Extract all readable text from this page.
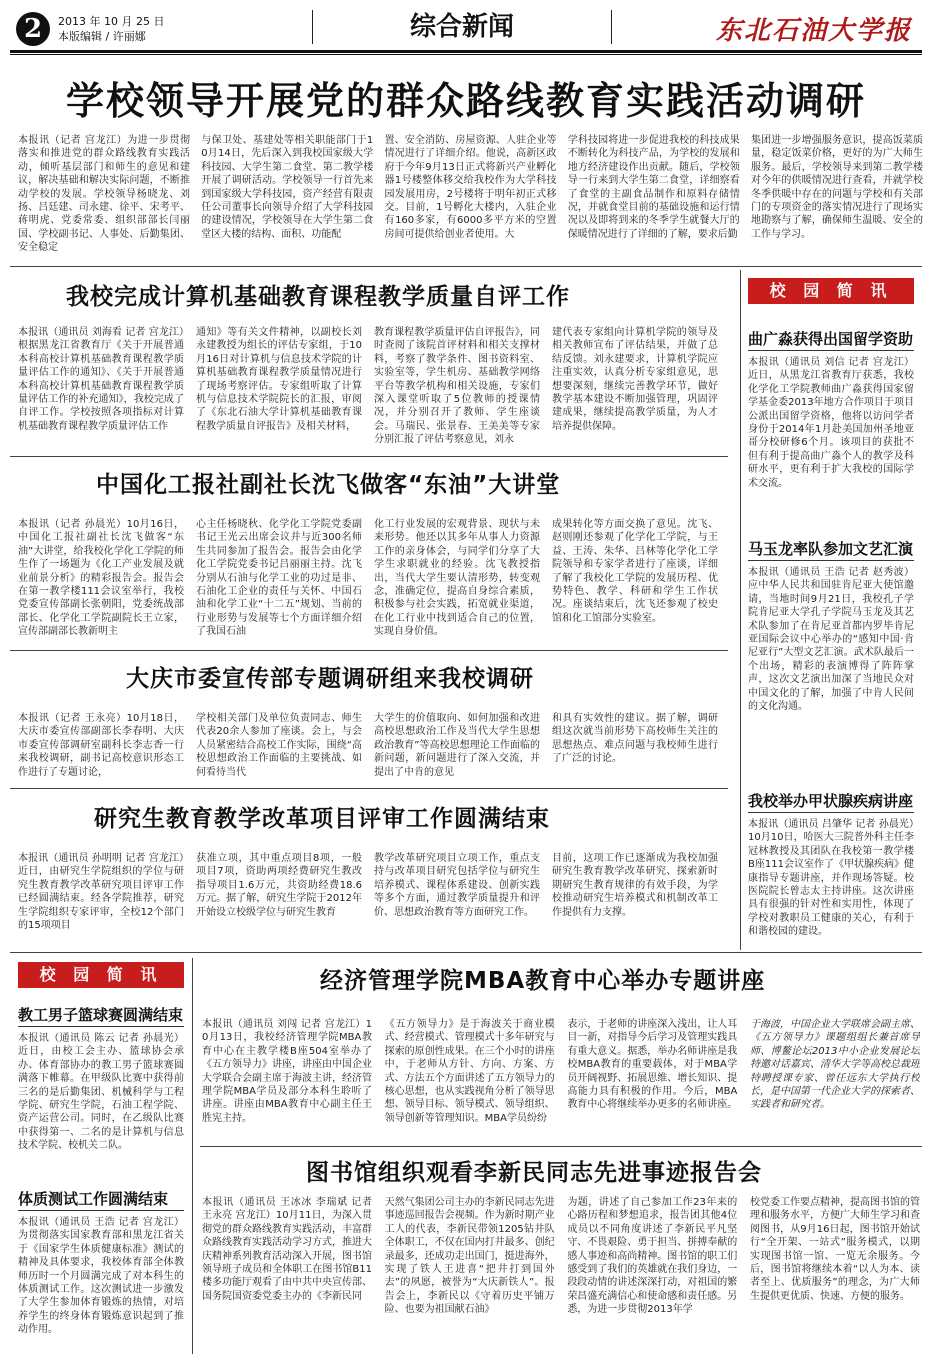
2	2013 年 10 月 25 日
本版编辑 / 许丽娜	综合新闻	东北石油大学报
学校领导开展党的群众路线教育实践活动调研
本报讯（记者 宫龙江）为进一步贯彻落实和推进党的群众路线教育实践活动，倾听基层部门和师生的意见和建议，解决基础和解决实际问题，不断推动学校的发展。学校领导杨晓龙、刘扬、吕廷建、司永建、徐平、宋考平、蒋明虎、党委常委、组织部部长闫丽国、学校副书记、人事处、后勤集团、安全稳定
与保卫处、基建处等相关职能部门于10月14日，先后深入到我校国家级大学科技园、大学生第二食堂、第二教学楼开展了调研活动。学校领导一行首先来到国家级大学科技园，资产经营有限责任公司董事长向领导介绍了大学科技园的建设情况，学校领导在大学生第二食堂区大楼的结构、面积、功能配
置、安全消防、房屋资源、人驻企业等情况进行了详细介绍。他说，高新区政府于今年9月13日正式将新兴产业孵化器1号楼整体移交给我校作为大学科技园发展用房，2号楼将于明年初正式移交。目前，1号孵化大楼内，入驻企业有160多家，有6000多平方米的空置房间可提供给创业者使用。大
学科技园将进一步促进我校的科技成果不断转化为科技产品，为学校的发展和地方经济建设作出贡献。随后，学校领导一行来到大学生第二食堂，详细察看了食堂的主副食品制作和原料存储情况，并就食堂目前的基础设施和运行情况以及即将到来的冬季学生就餐大厅的保暖情况进行了详细的了解，要求后勤
集团进一步增强服务意识，提高饭菜质量，稳定饭菜价格，更好的为广大师生服务。最后，学校领导来到第二教学楼对今年的供暖情况进行查看，并就学校冬季供暖中存在的问题与学校和有关部门的专项资金的落实情况进行了现场实地勘察与了解，确保师生温暖、安全的工作与学习。
我校完成计算机基础教育课程教学质量自评工作
本报讯（通讯员 刘海看 记者 宫龙江）根据黑龙江省教育厅《关于开展普通本科高校计算机基础教育课程教学质量评估工作的通知》、《关于开展普通本科高校计算机基础教育课程教学质量评估工作的补充通知》，我校完成了自评工作。学校按照各项指标对计算机基础教育课程教学质量评估工作
通知》等有关文件精神，以副校长刘永建教授为组长的评估专家组，于10月16日对计算机与信息技术学院的计算机基础教育课程教学质量情况进行了现场考察评估。专家组听取了计算机与信息技术学院院长的汇报，审阅了《东北石油大学计算机基础教育课程教学质量自评报告》及相关材料，
教育课程教学质量评估自评报告》，同时查阅了该院首评材料和相关支撑材料，考察了教学条件、图书资料室、实验室等，学生机房、基础教学网络平台等教学机构和相关设施，专家们深入课堂听取了5位教师的授课情况，并分别召开了教师、学生座谈会。马瑞民、张景春、王美美等专家分别汇报了评估考察意见，刘永
建代表专家组向计算机学院的领导及相关教师宣布了评估结果，并做了总结反馈。刘永建要求，计算机学院应注重实效，认真分析专家组意见，思想要深刻，继续完善教学环节，做好教学基本建设不断加强管理，巩固评建成果，继续提高教学质量，为人才培养提供保障。
中国化工报社副社长沈飞做客“东油”大讲堂
本报讯（记者 孙晨光）10月16日，中国化工报社副社长沈飞做客“东油”大讲堂，给我校化学化工学院的师生作了一场题为《化工产业发展及就业前景分析》的精彩报告会。报告会在第一教学楼111会议室举行，我校党委宣传部副长张朝阳，党委统战部部长、化学化工学院副院长王立家，宣传部副部长教新明主
心主任杨晓秋、化学化工学院党委副书记王光云出席会议并与近300名师生共同参加了报告会。报告会由化学化工学院党委书记吕丽丽主持。沈飞分别从石油与化学工业的功过是非、石油化工企业的责任与关怀、中国石油和化学工业“十二五”规划、当前的行业形势与发展等七个方面详细介绍了我国石油
化工行业发展的宏观背景、现状与未来形势。他还以其多年从事人力资源工作的亲身体会，与同学们分享了大学生求职就业的经验。沈飞教授指出，当代大学生要认清形势，转变观念，准确定位，提高自身综合素质，积极参与社会实践，拓宽就业渠道，在化工行业中找到适合自己的位置，实现自身价值。
成果转化等方面交换了意见。沈飞、赵则刚还参观了化学化工学院，与王益、王涛、朱华、吕林等化学化工学院领导和专家学者进行了座谈，详细了解了我校化工学院的发展历程、优势特色、教学、科研和学生工作状况。座谈结束后，沈飞还参观了校史馆和化工馆部分实验室。
大庆市委宣传部专题调研组来我校调研
本报讯（记者 王永亮）10月18日，大庆市委宣传部副部长李春明、大庆市委宣传部调研室副科长李志香一行来我校调研，副书记高校意识形态工作进行了专题讨论，
学校相关部门及单位负责同志、师生代表20余人参加了座谈。会上，与会人员紧密结合高校工作实际，围绕“高校思想政治工作面临的主要挑战、如何看待当代
大学生的价值取向、如何加强和改进高校思想政治工作及当代大学生思想政治教育”等高校思想理论工作面临的新问题，新问题进行了深入交流，并提出了中肯的意见
和具有实效性的建议。据了解，调研组这次就当前形势下高校师生关注的思想热点、难点问题与我校师生进行了广泛的讨论。
研究生教育教学改革项目评审工作圆满结束
本报讯（通讯员 孙明明 记者 宫龙江）近日，由研究生学院组织的学位与研究生教育教学改革研究项目评审工作已经圆满结束。经各学院推荐，研究生学院组织专家评审，全校12个部门的15项项目
获准立项，其中重点项目8项，一般项目7项，资助两项经费研究生教改指导项目1.6万元，共资助经费18.6万元。据了解，研究生学院于2012年开始设立校级学位与研究生教育
教学改革研究项目立项工作，重点支持与改革项目研究包括学位与研究生培养模式、课程体系建设、创新实践等多个方面，通过教学质量提升和评价、思想政治教育等方面研究工作。
目前，这项工作已逐渐成为我校加强研究生教育教学改革研究、探索新时期研究生教育规律的有效手段，为学校推动研究生培养模式和机制改革工作提供有力支撑。
校 园 简 讯
曲广淼获得出国留学资助
本报讯（通讯员 刘信 记者 宫龙江）近日，从黑龙江省教育厅获悉，我校化学化工学院教师曲广淼获得国家留学基金委2013年地方合作项目于项目公派出国留学资格，他将以访问学者身份于2014年1月赴美国加州圣地亚哥分校研修6个月。该项目的获批不但有利于提高曲广淼个人的教学及科研水平，更有利于扩大我校的国际学术交流。
马玉龙率队参加文艺汇演
本报讯（通讯员 王浩 记者 赵秀波）应中华人民共和国驻肯尼亚大使馆邀请，当地时间9月21日，我校孔子学院肯尼亚大学孔子学院马玉龙及其艺术队参加了在肯尼亚首都内罗毕肯尼亚国际会议中心举办的“感知中国·肯尼亚行”大型文艺汇演。武术队最后一个出场，精彩的表演博得了阵阵掌声，这次文艺演出加深了当地民众对中国文化的了解，加强了中肯人民间的文化沟通。
我校举办甲状腺疾病讲座
本报讯（通讯员 吕肇华 记者 孙晨光）10月10日，哈医大三院普外科主任李冠林教授及其团队在我校第一教学楼B座111会议室作了《甲状腺疾病》健康指导专题讲座，并作现场答疑。校医院院长曾志太主持讲座。这次讲座具有很强的针对性和实用性，体现了学校对教职员工健康的关心，有利于和谐校园的建设。
校 园 简 讯
教工男子篮球赛圆满结束
本报讯（通讯员 陈云 记者 孙晨光）近日，由校工会主办、篮球协会承办、体育部协办的教工男子篮球赛圆满落下帷幕。在甲级队比赛中获得前三名的是后勤集团、机械科学与工程学院、研究生学院，石油工程学院、资产运营公司。同时，在乙级队比赛中获得第一、二名的是计算机与信息技术学院、校机关二队。
体质测试工作圆满结束
本报讯（通讯员 王浩 记者 宫龙江）为贯彻落实国家教育部和黑龙江省关于《国家学生体质健康标准》测试的精神及具体要求，我校体育部全体教师历时一个月圆满完成了对本科生的体质测试工作。这次测试进一步激发了大学生参加体育锻炼的热情，对培养学生的终身体育锻炼意识起到了推动作用。
经济管理学院MBA教育中心举办专题讲座
本报讯（通讯员 刘闯 记者 宫龙江）10月13日，我校经济管理学院MBA教育中心在主教学楼B座504室举办了《五方领导力》讲座，讲座由中国企业大学联合会副主席于海波主讲，经济管理学院MBA学员及部分本科生聆听了讲座。讲座由MBA教育中心副主任王胜宪主持。
《五方领导力》是于海波关于商业模式、经营模式、管理模式十多年研究与探索的原创性成果。在三个小时的讲座中，于老师从方针、方向、方案、方式、方法五个方面讲述了五方领导力的核心思想，也从实践视角分析了领导思想、领导目标、领导模式、领导组织、领导创新等管理知识。MBA学员纷纷
表示，于老师的讲座深入浅出，让人耳目一新，对指导今后学习及管理实践具有重大意义。据悉，举办名师讲座是我校MBA教育的重要载体，对于MBA学员开阔视野、拓展思维、增长知识、提高能力具有积极的作用。今后，MBA教育中心将继续举办更多的名师讲座。
于海波，中国企业大学联席会副主席、《五方领导力》课题组组长兼首席导师、博鳌论坛2013中小企业发展论坛特邀对话嘉宾、清华大学等高校总裁班特聘授课专家、曾任远东大学执行校长，是中国第一代企业大学的探索者、实践者和研究者。
图书馆组织观看李新民同志先进事迹报告会
本报讯（通讯员 王冰冰 李瑞斌 记者 王永亮 宫龙江）10月11日，为深入贯彻党的群众路线教育实践活动，丰富群众路线教育实践活动学习方式，推进大庆精神系列教育活动深入开展，图书馆领导班子成员和全体职工在图书馆B11楼多功能厅观看了由中共中央宣传部、国务院国资委党委主办的《李新民同
天然气集团公司主办的李新民同志先进事迹巡回报告会视频。作为新时期产业工人的代表，李新民带领1205钻井队全体职工，不仅在国内打井最多、创纪录最多，还成功走出国门，挺进海外，实现了铁人王进喜“把井打到国外去”的夙愿，被誉为“大庆新铁人”。报告会上，李新民以《守着历史平铺万险、也要为祖国献石油》
为题，讲述了自己参加工作23年来的心路历程和梦想追求，报告团其他4位成员以不同角度讲述了李新民平凡坚守、不畏艰险、勇于担当、拼搏奉献的感人事迹和高尚精神。图书馆的职工们感受到了我们的英雄就在我们身边，一段段动情的讲述深深打动，对祖国的繁荣昌盛充满信心和使命感和责任感。另悉，为进一步贯彻2013年学
校党委工作要点精神，提高图书馆的管理和服务水平，方便广大师生学习和查阅图书，从9月16日起，图书馆开始试行“全开架、一站式”服务模式，以期实现图书馆一馆、一览无余服务。今后，图书馆将继续本着“以人为本、读者至上、优质服务”的理念，为广大师生提供更优质、快速、方便的服务。
